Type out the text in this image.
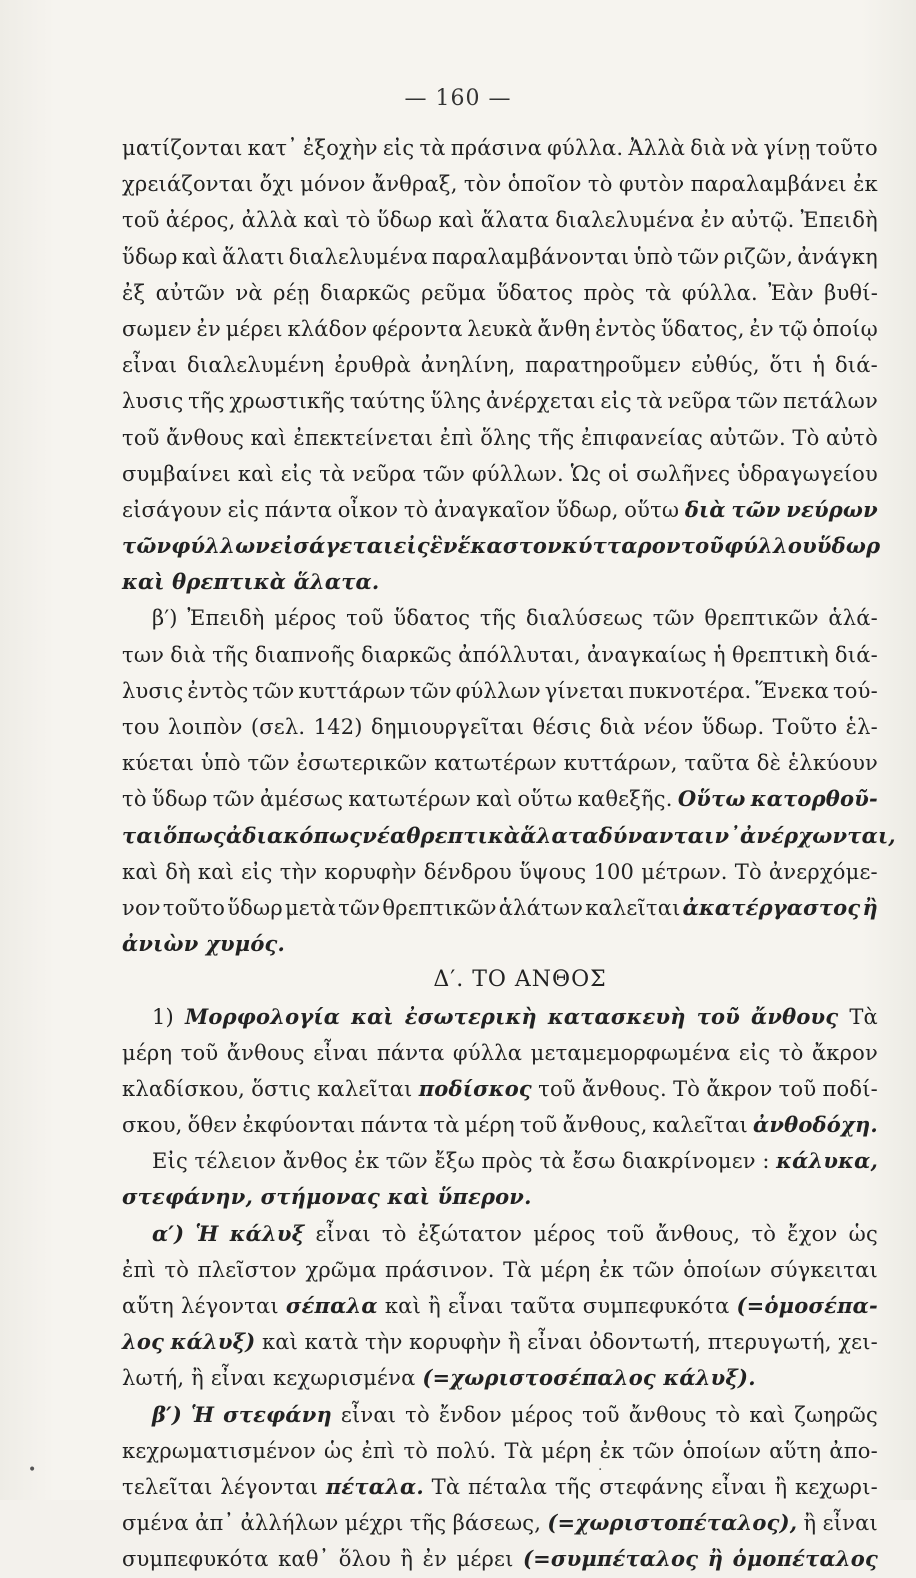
— 160 —
ματίζονται κατ᾽ ἐξοχὴν εἰς τὰ πράσινα φύλλα. Ἀλλὰ διὰ νὰ γίνῃ τοῦτο
χρειάζονται ὄχι μόνον ἄνθραξ, τὸν ὁποῖον τὸ φυτὸν παραλαμβάνει ἐκ
τοῦ ἀέρος, ἀλλὰ καὶ τὸ ὕδωρ καὶ ἅλατα διαλελυμένα ἐν αὐτῷ. Ἐπειδὴ
ὕδωρ καὶ ἅλατι διαλελυμένα παραλαμβάνονται ὑπὸ τῶν ριζῶν, ἀνάγκη
ἐξ αὐτῶν νὰ ρέῃ διαρκῶς ρεῦμα ὕδατος πρὸς τὰ φύλλα. Ἐὰν βυθί-
σωμεν ἐν μέρει κλάδον φέροντα λευκὰ ἄνθη ἐντὸς ὕδατος, ἐν τῷ ὁποίῳ
εἶναι διαλελυμένη ἐρυθρὰ ἀνηλίνη, παρατηροῦμεν εὐθύς, ὅτι ἡ διά-
λυσις τῆς χρωστικῆς ταύτης ὕλης ἀνέρχεται εἰς τὰ νεῦρα τῶν πετάλων
τοῦ ἄνθους καὶ ἐπεκτείνεται ἐπὶ ὅλης τῆς ἐπιφανείας αὐτῶν. Τὸ αὐτὸ
συμβαίνει καὶ εἰς τὰ νεῦρα τῶν φύλλων. Ὡς οἱ σωλῆνες ὑδραγωγείου
εἰσάγουν εἰς πάντα οἶκον τὸ ἀναγκαῖον ὕδωρ, οὕτω διὰ τῶν νεύρων
τῶν φύλλων εἰσάγεται εἰς ἓν ἕκαστον κύτταρον τοῦ φύλλου ὕδωρ
καὶ θρεπτικὰ ἅλατα.
β′) Ἐπειδὴ μέρος τοῦ ὕδατος τῆς διαλύσεως τῶν θρεπτικῶν ἁλά-
των διὰ τῆς διαπνοῆς διαρκῶς ἀπόλλυται, ἀναγκαίως ἡ θρεπτικὴ διά-
λυσις ἐντὸς τῶν κυττάρων τῶν φύλλων γίνεται πυκνοτέρα. Ἕνεκα τού-
του λοιπὸν (σελ. 142) δημιουργεῖται θέσις διὰ νέον ὕδωρ. Τοῦτο ἑλ-
κύεται ὑπὸ τῶν ἐσωτερικῶν κατωτέρων κυττάρων, ταῦτα δὲ ἑλκύουν
τὸ ὕδωρ τῶν ἀμέσως κατωτέρων καὶ οὕτω καθεξῆς. Οὕτω κατορθοῦ-
ται ὅπως ἀδιακόπως νέα θρεπτικὰ ἅλατα δύνανται ν᾽ ἀνέρχωνται,
καὶ δὴ καὶ εἰς τὴν κορυφὴν δένδρου ὕψους 100 μέτρων. Τὸ ἀνερχόμε-
νον τοῦτο ὕδωρ μετὰ τῶν θρεπτικῶν ἁλάτων καλεῖται ἀκατέργαστος ἢ
ἀνιὼν χυμός.
Δ′. ΤΟ ΑΝΘΟΣ
1) Μορφολογία καὶ ἐσωτερικὴ κατασκευὴ τοῦ ἄνθους Τὰ
μέρη τοῦ ἄνθους εἶναι πάντα φύλλα μεταμεμορφωμένα εἰς τὸ ἄκρον
κλαδίσκου, ὅστις καλεῖται ποδίσκος τοῦ ἄνθους. Τὸ ἄκρον τοῦ ποδί-
σκου, ὅθεν ἐκφύονται πάντα τὰ μέρη τοῦ ἄνθους, καλεῖται ἀνθοδόχη.
Εἰς τέλειον ἄνθος ἐκ τῶν ἔξω πρὸς τὰ ἔσω διακρίνομεν : κάλυκα,
στεφάνην, στήμονας καὶ ὕπερον.
α′) Ἡ κάλυξ εἶναι τὸ ἐξώτατον μέρος τοῦ ἄνθους, τὸ ἔχον ὡς
ἐπὶ τὸ πλεῖστον χρῶμα πράσινον. Τὰ μέρη ἐκ τῶν ὁποίων σύγκειται
αὕτη λέγονται σέπαλα καὶ ἢ εἶναι ταῦτα συμπεφυκότα (=ὁμοσέπα-
λος κάλυξ) καὶ κατὰ τὴν κορυφὴν ἢ εἶναι ὀδοντωτή, πτερυγωτή, χει-
λωτή, ἢ εἶναι κεχωρισμένα (=χωριστοσέπαλος κάλυξ).
β′) Ἡ στεφάνη εἶναι τὸ ἔνδον μέρος τοῦ ἄνθους τὸ καὶ ζωηρῶς
κεχρωματισμένον ὡς ἐπὶ τὸ πολύ. Τὰ μέρη ἐκ τῶν ὁποίων αὕτη ἀπο-
τελεῖται λέγονται πέταλα. Τὰ πέταλα τῆς στεφάνης εἶναι ἢ κεχωρι-
σμένα ἀπ᾽ ἀλλήλων μέχρι τῆς βάσεως, (=χωριστοπέταλος), ἢ εἶναι
συμπεφυκότα καθ᾽ ὅλου ἢ ἐν μέρει (=συμπέταλος ἢ ὁμοπέταλος
•	·
